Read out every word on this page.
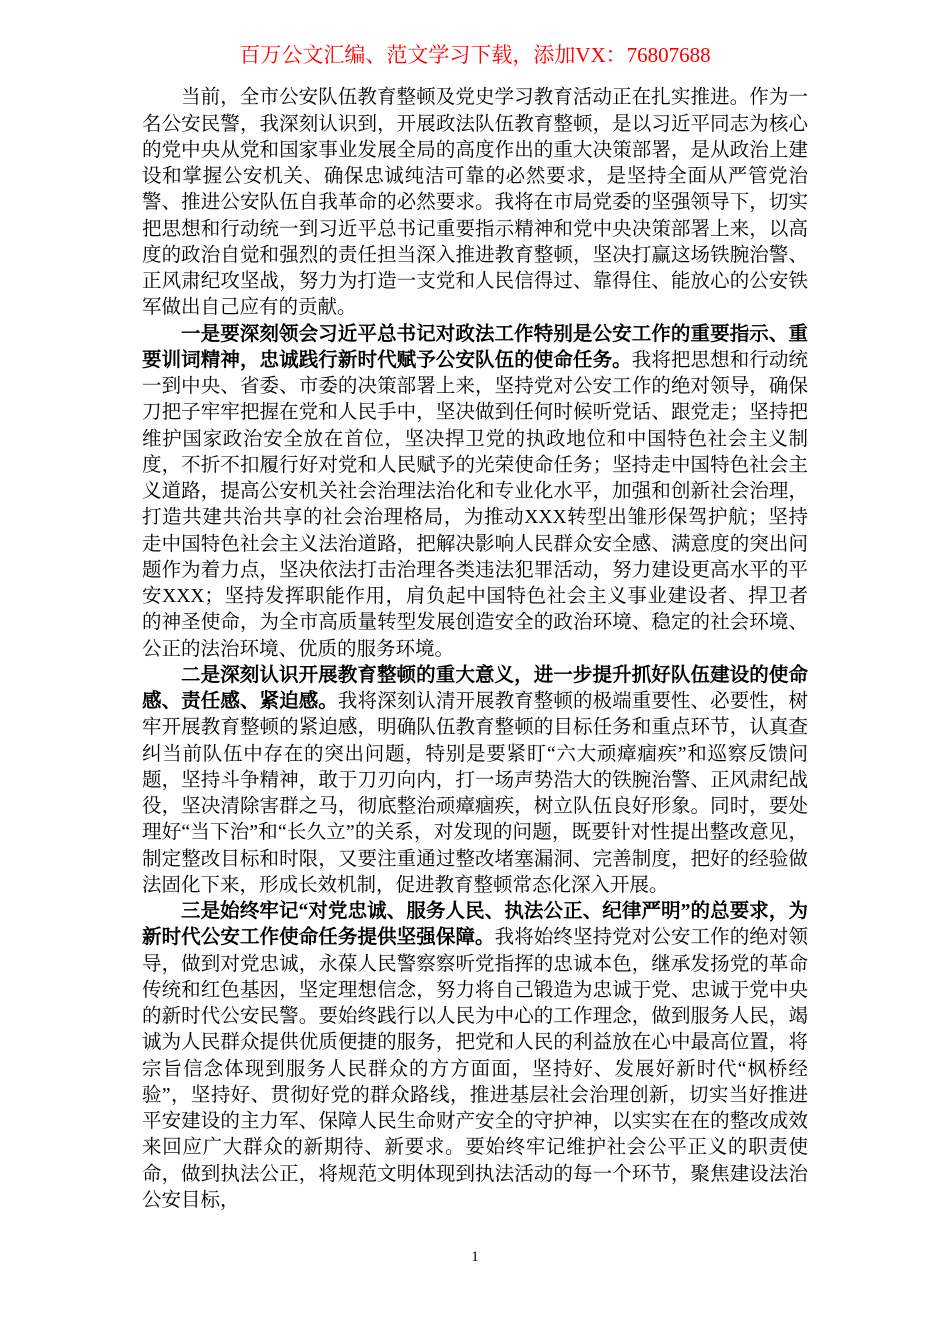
百万公文汇编、范文学习下载，添加VX：76807688

当前，全市公安队伍教育整顿及党史学习教育活动正在扎实推进。作为一名公安民警，我深刻认识到，开展政法队伍教育整顿，是以习近平同志为核心的党中央从党和国家事业发展全局的高度作出的重大决策部署，是从政治上建设和掌握公安机关、确保忠诚纯洁可靠的必然要求，是坚持全面从严管党治警、推进公安队伍自我革命的必然要求。我将在市局党委的坚强领导下，切实把思想和行动统一到习近平总书记重要指示精神和党中央决策部署上来，以高度的政治自觉和强烈的责任担当深入推进教育整顿，坚决打赢这场铁腕治警、正风肃纪攻坚战，努力为打造一支党和人民信得过、靠得住、能放心的公安铁军做出自己应有的贡献。

一是要深刻领会习近平总书记对政法工作特别是公安工作的重要指示、重要训词精神，忠诚践行新时代赋予公安队伍的使命任务。我将把思想和行动统一到中央、省委、市委的决策部署上来，坚持党对公安工作的绝对领导，确保刀把子牢牢把握在党和人民手中，坚决做到任何时候听党话、跟党走；坚持把维护国家政治安全放在首位，坚决捍卫党的执政地位和中国特色社会主义制度，不折不扣履行好对党和人民赋予的光荣使命任务；坚持走中国特色社会主义道路，提高公安机关社会治理法治化和专业化水平，加强和创新社会治理，打造共建共治共享的社会治理格局，为推动XXX转型出雏形保驾护航；坚持走中国特色社会主义法治道路，把解决影响人民群众安全感、满意度的突出问题作为着力点，坚决依法打击治理各类违法犯罪活动，努力建设更高水平的平安XXX；坚持发挥职能作用，肩负起中国特色社会主义事业建设者、捍卫者的神圣使命，为全市高质量转型发展创造安全的政治环境、稳定的社会环境、公正的法治环境、优质的服务环境。

二是深刻认识开展教育整顿的重大意义，进一步提升抓好队伍建设的使命感、责任感、紧迫感。我将深刻认清开展教育整顿的极端重要性、必要性，树牢开展教育整顿的紧迫感，明确队伍教育整顿的目标任务和重点环节，认真查纠当前队伍中存在的突出问题，特别是要紧盯“六大顽瘴痼疾”和巡察反馈问题，坚持斗争精神，敢于刀刃向内，打一场声势浩大的铁腕治警、正风肃纪战役，坚决清除害群之马，彻底整治顽瘴痼疾，树立队伍良好形象。同时，要处理好“当下治”和“长久立”的关系，对发现的问题，既要针对性提出整改意见，制定整改目标和时限，又要注重通过整改堵塞漏洞、完善制度，把好的经验做法固化下来，形成长效机制，促进教育整顿常态化深入开展。

三是始终牢记“对党忠诚、服务人民、执法公正、纪律严明”的总要求，为新时代公安工作使命任务提供坚强保障。我将始终坚持党对公安工作的绝对领导，做到对党忠诚，永葆人民警察察听党指挥的忠诚本色，继承发扬党的革命传统和红色基因，坚定理想信念，努力将自己锻造为忠诚于党、忠诚于党中央的新时代公安民警。要始终践行以人民为中心的工作理念，做到服务人民，竭诚为人民群众提供优质便捷的服务，把党和人民的利益放在心中最高位置，将宗旨信念体现到服务人民群众的方方面面，坚持好、发展好新时代“枫桥经验”，坚持好、贯彻好党的群众路线，推进基层社会治理创新，切实当好推进平安建设的主力军、保障人民生命财产安全的守护神，以实实在在的整改成效来回应广大群众的新期待、新要求。要始终牢记维护社会公平正义的职责使命，做到执法公正，将规范文明体现到执法活动的每一个环节，聚焦建设法治公安目标，

1
